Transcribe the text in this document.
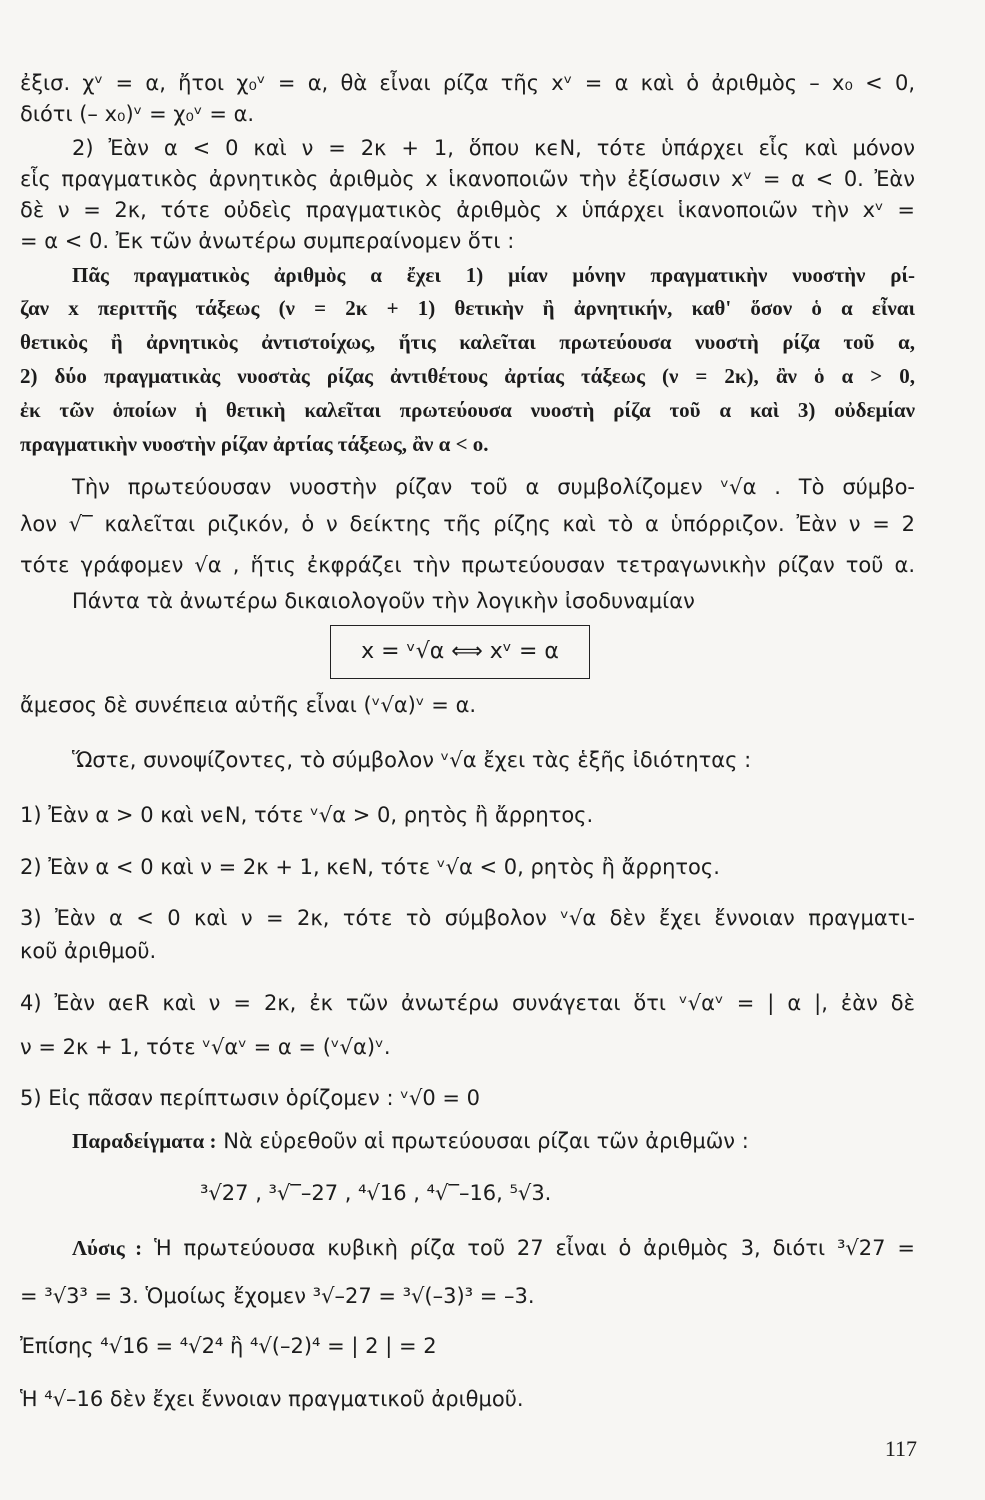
ἐξισ. χᵛ = α, ἤτοι χ₀ᵛ = α, θὰ εἶναι ρίζα τῆς xᵛ = α καὶ ὁ ἀριθμὸς – x₀ < 0,
διότι (– x₀)ᵛ = χ₀ᵛ = α.
2) Ἐὰν α < 0 καὶ ν = 2κ + 1, ὅπου κϵN, τότε ὑπάρχει εἷς καὶ μόνον
εἷς πραγματικὸς ἀρνητικὸς ἀριθμὸς x ἱκανοποιῶν τὴν ἐξίσωσιν xᵛ = α < 0. Ἐὰν
δὲ ν = 2κ, τότε οὐδεὶς πραγματικὸς ἀριθμὸς x ὑπάρχει ἱκανοποιῶν τὴν xᵛ =
= α < 0. Ἐκ τῶν ἀνωτέρω συμπεραίνομεν ὅτι :
Πᾶς πραγματικὸς ἀριθμὸς α ἔχει 1) μίαν μόνην πραγματικὴν νυοστὴν ρί-
ζαν x περιττῆς τάξεως (ν = 2κ + 1) θετικὴν ἢ ἀρνητικήν, καθ' ὅσον ὁ α εἶναι
θετικὸς ἢ ἀρνητικὸς ἀντιστοίχως, ἥτις καλεῖται πρωτεύουσα νυοστὴ ρίζα τοῦ α,
2) δύο πραγματικὰς νυοστὰς ρίζας ἀντιθέτους ἀρτίας τάξεως (ν = 2κ), ἂν ὁ α > 0,
ἐκ τῶν ὁποίων ἡ θετικὴ καλεῖται πρωτεύουσα νυοστὴ ρίζα τοῦ α καὶ 3) οὐδεμίαν
πραγματικὴν νυοστὴν ρίζαν ἀρτίας τάξεως, ἂν α < ο.
Τὴν πρωτεύουσαν νυοστὴν ρίζαν τοῦ α συμβολίζομεν ᵛ√α . Τὸ σύμβο-
λον √‾ καλεῖται ριζικόν, ὁ ν δείκτης τῆς ρίζης καὶ τὸ α ὑπόρριζον. Ἐὰν ν = 2
τότε γράφομεν √α , ἥτις ἐκφράζει τὴν πρωτεύουσαν τετραγωνικὴν ρίζαν τοῦ α.
Πάντα τὰ ἀνωτέρω δικαιολογοῦν τὴν λογικὴν ἰσοδυναμίαν
x = ᵛ√α ⟺ xᵛ = α
ἄμεσος δὲ συνέπεια αὐτῆς εἶναι (ᵛ√α)ᵛ = α.
Ὥστε, συνοψίζοντες, τὸ σύμβολον ᵛ√α ἔχει τὰς ἑξῆς ἰδιότητας :
1) Ἐὰν α > 0 καὶ νϵN, τότε ᵛ√α > 0, ρητὸς ἢ ἄρρητος.
2) Ἐὰν α < 0 καὶ ν = 2κ + 1, κϵN, τότε ᵛ√α < 0, ρητὸς ἢ ἄρρητος.
3) Ἐὰν α < 0 καὶ ν = 2κ, τότε τὸ σύμβολον ᵛ√α δὲν ἔχει ἔννοιαν πραγματι-
κοῦ ἀριθμοῦ.
4) Ἐὰν αϵR καὶ ν = 2κ, ἐκ τῶν ἀνωτέρω συνάγεται ὅτι ᵛ√αᵛ = | α |, ἐὰν δὲ
ν = 2κ + 1, τότε ᵛ√αᵛ = α = (ᵛ√α)ᵛ.
5) Εἰς πᾶσαν περίπτωσιν ὁρίζομεν : ᵛ√0 = 0
Παραδείγματα : Νὰ εὑρεθοῦν αἱ πρωτεύουσαι ρίζαι τῶν ἀριθμῶν :
³√27 , ³√‾–27 , ⁴√16 , ⁴√‾–16, ⁵√3.
Λύσις : Ἡ πρωτεύουσα κυβικὴ ρίζα τοῦ 27 εἶναι ὁ ἀριθμὸς 3, διότι ³√27 =
= ³√3³ = 3. Ὁμοίως ἔχομεν ³√–27 = ³√(–3)³ = –3.
Ἐπίσης ⁴√16 = ⁴√2⁴ ἢ ⁴√(–2)⁴ = | 2 | = 2
Ἡ ⁴√–16 δὲν ἔχει ἔννοιαν πραγματικοῦ ἀριθμοῦ.
117
